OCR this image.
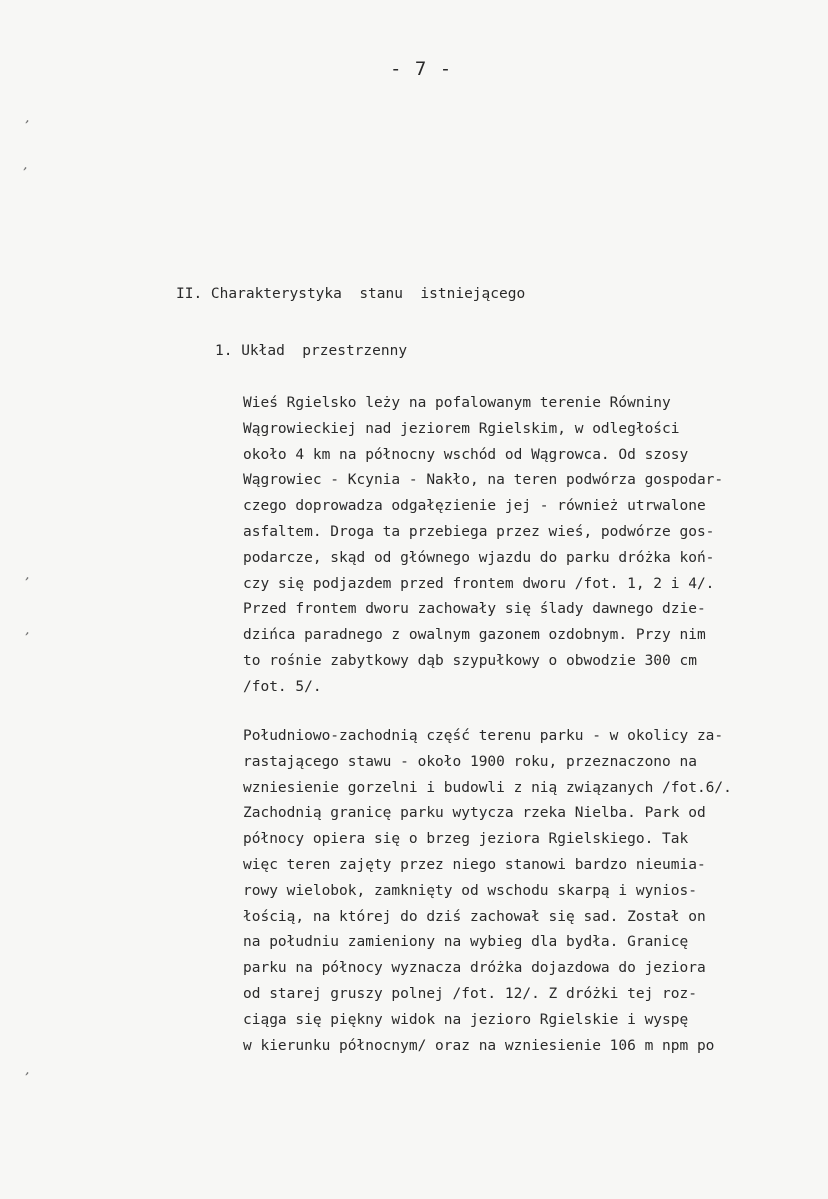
- 7 -
II. Charakterystyka  stanu  istniejącego
1. Układ  przestrzenny
Wieś Rgielsko leży na pofalowanym terenie Równiny
Wągrowieckiej nad jeziorem Rgielskim, w odległości
około 4 km na północny wschód od Wągrowca. Od szosy
Wągrowiec - Kcynia - Nakło, na teren podwórza gospodar-
czego doprowadza odgałęzienie jej - również utrwalone
asfaltem. Droga ta przebiega przez wieś, podwórze gos-
podarcze, skąd od głównego wjazdu do parku dróżka koń-
czy się podjazdem przed frontem dworu /fot. 1, 2 i 4/.
Przed frontem dworu zachowały się ślady dawnego dzie-
dzińca paradnego z owalnym gazonem ozdobnym. Przy nim
to rośnie zabytkowy dąb szypułkowy o obwodzie 300 cm
/fot. 5/.
Południowo-zachodnią część terenu parku - w okolicy za-
rastającego stawu - około 1900 roku, przeznaczono na
wzniesienie gorzelni i budowli z nią związanych /fot.6/.
Zachodnią granicę parku wytycza rzeka Nielba. Park od
północy opiera się o brzeg jeziora Rgielskiego. Tak
więc teren zajęty przez niego stanowi bardzo nieumia-
rowy wielobok, zamknięty od wschodu skarpą i wynios-
łością, na której do dziś zachował się sad. Został on
na południu zamieniony na wybieg dla bydła. Granicę
parku na północy wyznacza dróżka dojazdowa do jeziora
od starej gruszy polnej /fot. 12/. Z dróżki tej roz-
ciąga się piękny widok na jezioro Rgielskie i wyspę
w kierunku północnym/ oraz na wzniesienie 106 m npm po
ʼ
ʼ
ʼ
ʼ
ʼ
